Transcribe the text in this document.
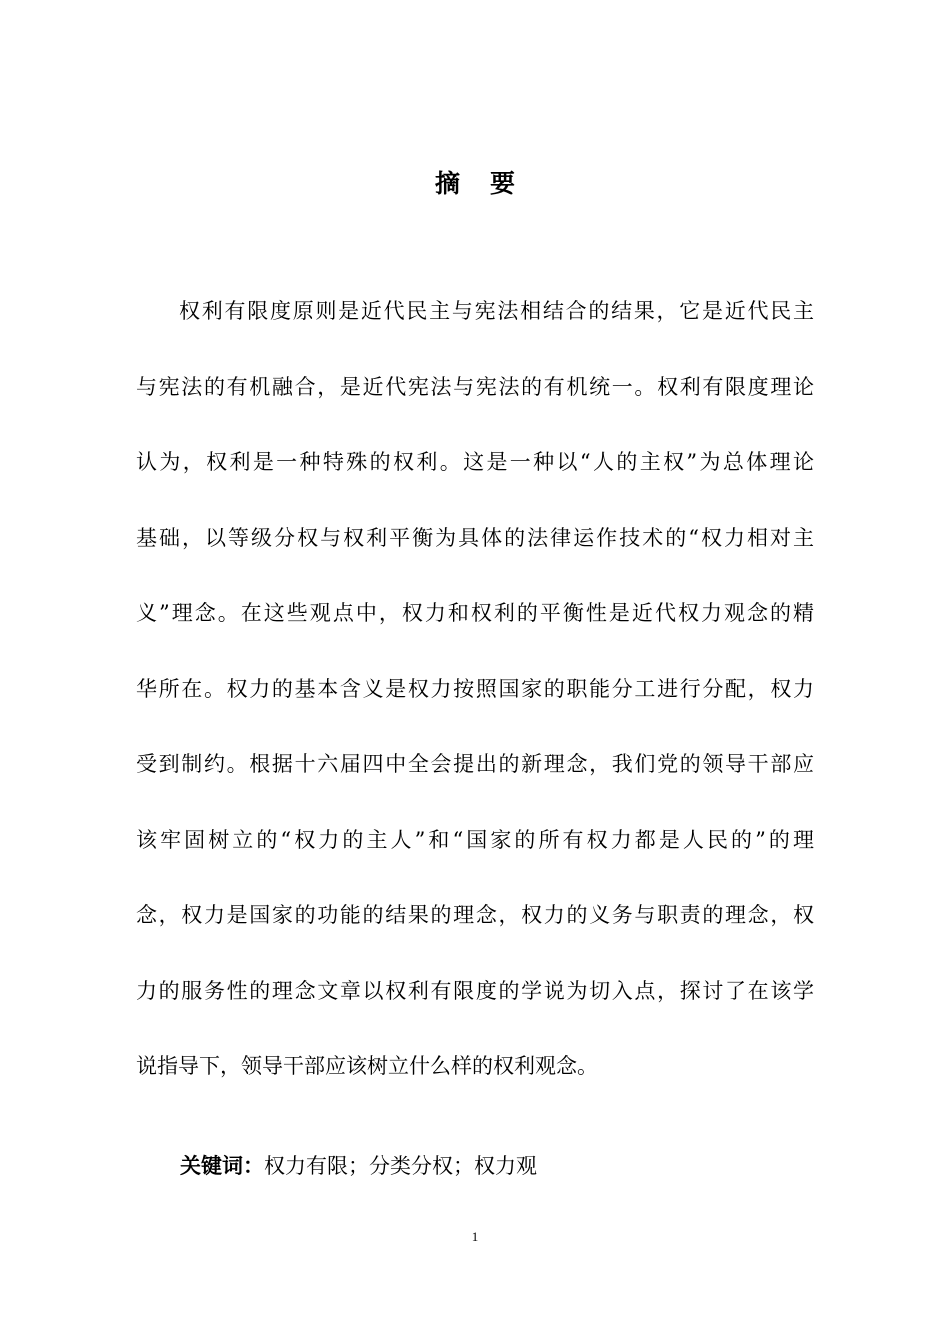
摘 要
权利有限度原则是近代民主与宪法相结合的结果，它是近代民主
与宪法的有机融合，是近代宪法与宪法的有机统一。权利有限度理论
认为，权利是一种特殊的权利。这是一种以“人的主权”为总体理论
基础，以等级分权与权利平衡为具体的法律运作技术的“权力相对主
义”理念。在这些观点中，权力和权利的平衡性是近代权力观念的精
华所在。权力的基本含义是权力按照国家的职能分工进行分配，权力
受到制约。根据十六届四中全会提出的新理念，我们党的领导干部应
该牢固树立的“权力的主人”和“国家的所有权力都是人民的”的理
念，权力是国家的功能的结果的理念，权力的义务与职责的理念，权
力的服务性的理念文章以权利有限度的学说为切入点，探讨了在该学
说指导下，领导干部应该树立什么样的权利观念。
关键词：权力有限；分类分权；权力观
1
